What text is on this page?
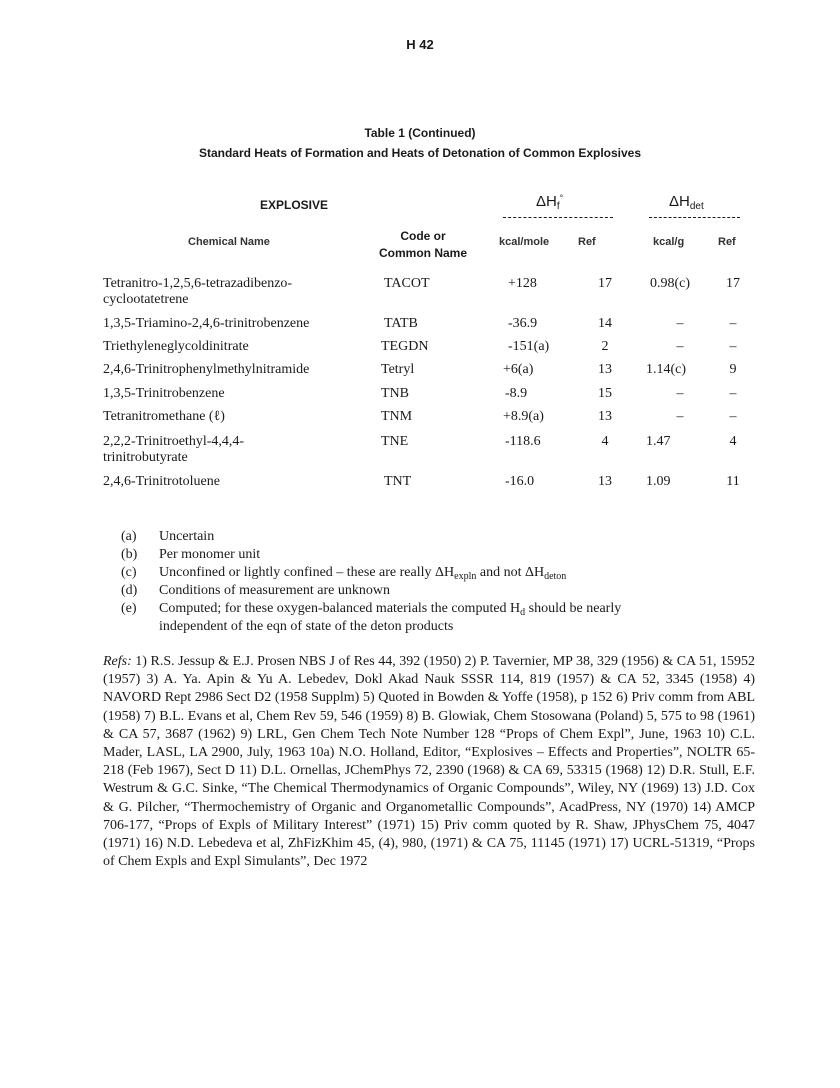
H 42
Table 1 (Continued)
Standard Heats of Formation and Heats of Detonation of Common Explosives
EXPLOSIVE	$\Delta H_f^\circ$	$\Delta H_{det}$
Chemical Name	Code or
Common Name
kcal/mole	Ref	kcal/g	Ref
Tetranitro-1,2,5,6-tetrazadibenzo-cyclootatetrene
TACOT	+128	17	0.98(c)	17
1,3,5-Triamino-2,4,6-trinitrobenzene	TATB	-36.9	14	–	–
Triethyleneglycoldinitrate	TEGDN	-151(a)	2	–	–
2,4,6-Trinitrophenylmethylnitramide	Tetryl	+6(a)	13	1.14(c)	9
1,3,5-Trinitrobenzene	TNB	-8.9	15	–	–
Tetranitromethane (ℓ)	TNM	+8.9(a)	13	–	–
2,2,2-Trinitroethyl-4,4,4-trinitrobutyrate
TNE	-118.6	4	1.47	4
2,4,6-Trinitrotoluene	TNT	-16.0	13	1.09	11
(a) Uncertain
(b) Per monomer unit
(c) Unconfined or lightly confined – these are really $\Delta H_{expln}$ and not $\Delta H_{deton}$
(d) Conditions of measurement are unknown
(e) Computed; for these oxygen-balanced materials the computed $H_d$ should be nearly
independent of the eqn of state of the deton products
Refs: 1) R.S. Jessup & E.J. Prosen NBS J of Res 44, 392 (1950) 2) P. Tavernier, MP 38, 329 (1956) & CA 51, 15952 (1957) 3) A. Ya. Apin & Yu A. Lebedev, Dokl Akad Nauk SSSR 114, 819 (1957) & CA 52, 3345 (1958) 4) NAVORD Rept 2986 Sect D2 (1958 Supplm) 5) Quoted in Bowden & Yoffe (1958), p 152 6) Priv comm from ABL (1958) 7) B.L. Evans et al, Chem Rev 59, 546 (1959) 8) B. Glowiak, Chem Stosowana (Poland) 5, 575 to 98 (1961) & CA 57, 3687 (1962) 9) LRL, Gen Chem Tech Note Number 128 “Props of Chem Expl”, June, 1963 10) C.L. Mader, LASL, LA 2900, July, 1963 10a) N.O. Holland, Editor, “Explosives – Effects and Properties”, NOLTR 65-218 (Feb 1967), Sect D 11) D.L. Ornellas, JChemPhys 72, 2390 (1968) & CA 69, 53315 (1968) 12) D.R. Stull, E.F. Westrum & G.C. Sinke, “The Chemical Thermodynamics of Organic Compounds”, Wiley, NY (1969) 13) J.D. Cox & G. Pilcher, “Thermochemistry of Organic and Organometallic Compounds”, AcadPress, NY (1970) 14) AMCP 706-177, “Props of Expls of Military Interest” (1971) 15) Priv comm quoted by R. Shaw, JPhysChem 75, 4047 (1971) 16) N.D. Lebedeva et al, ZhFizKhim 45, (4), 980, (1971) & CA 75, 11145 (1971) 17) UCRL-51319, “Props of Chem Expls and Expl Simulants”, Dec 1972
